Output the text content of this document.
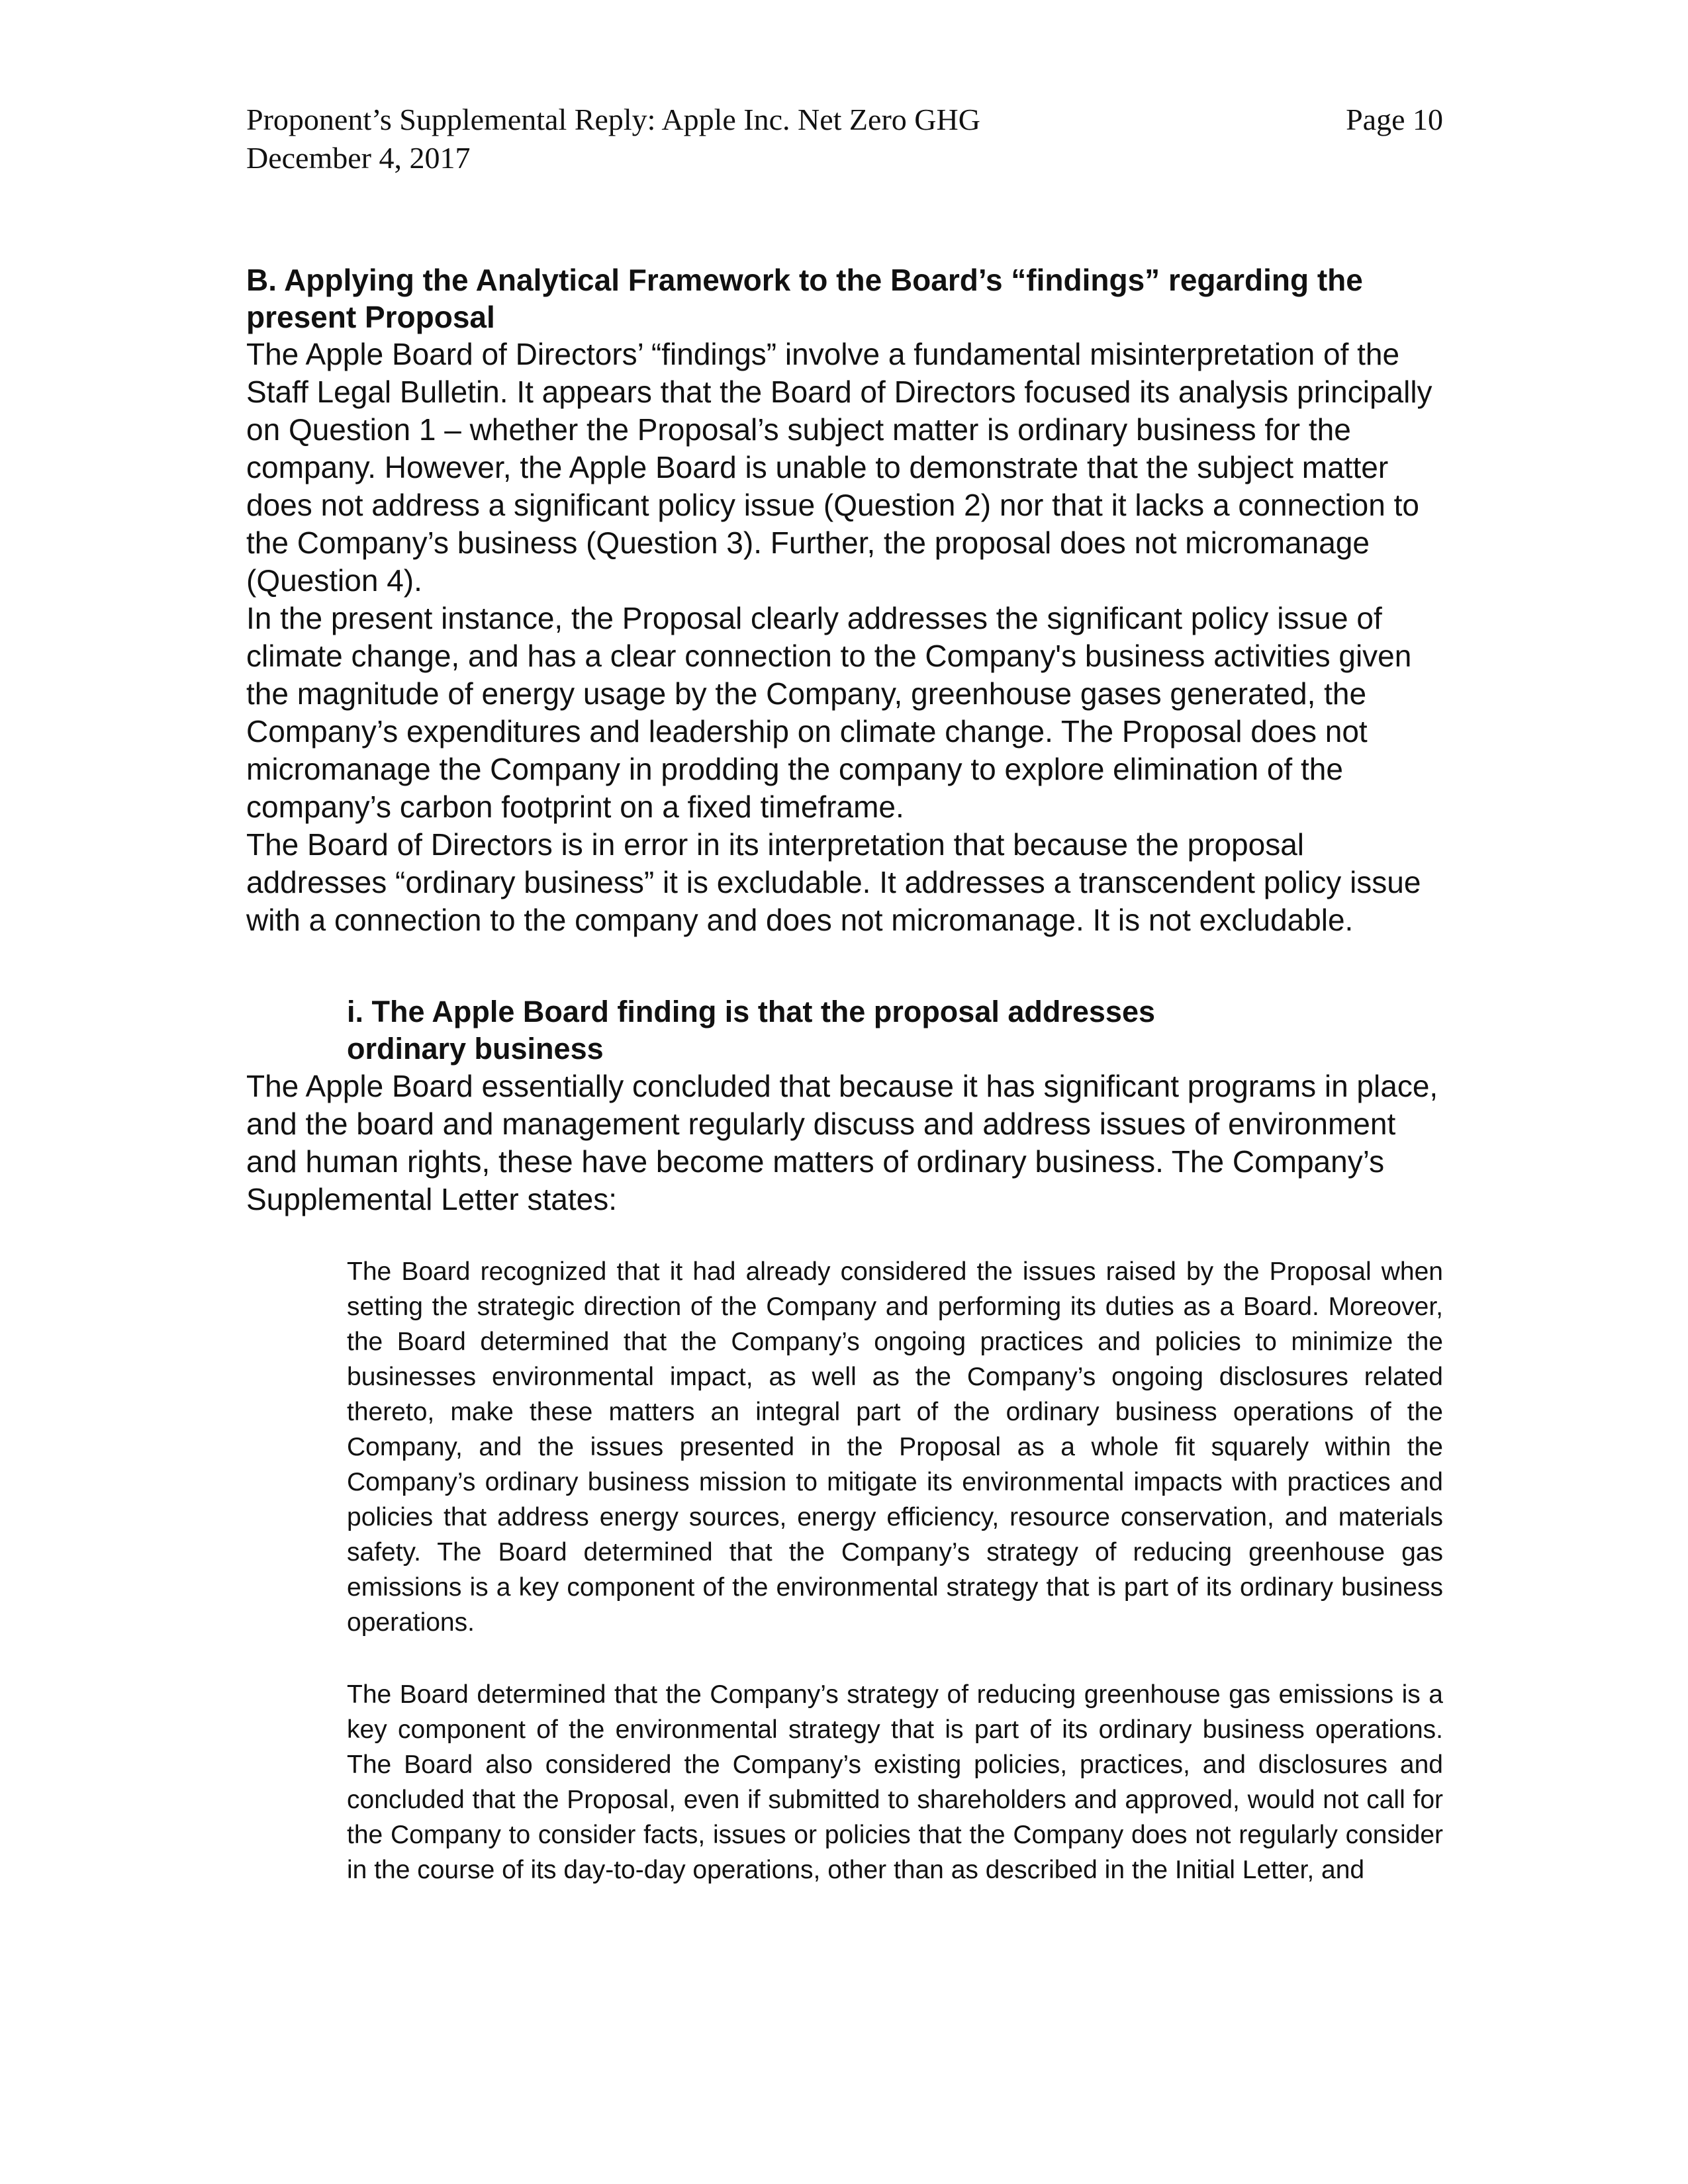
Proponent’s Supplemental Reply: Apple Inc. Net Zero GHG	Page 10
December 4, 2017
B. Applying the Analytical Framework to the Board’s “findings” regarding the present Proposal

The Apple Board of Directors’ “findings” involve a fundamental misinterpretation of the Staff Legal Bulletin. It appears that the Board of Directors focused its analysis principally on Question 1 – whether the Proposal’s subject matter is ordinary business for the company. However, the Apple Board is unable to demonstrate that the subject matter does not address a significant policy issue (Question 2) nor that it lacks a connection to the Company’s business (Question 3). Further, the proposal does not micromanage (Question 4).

In the present instance, the Proposal clearly addresses the significant policy issue of climate change, and has a clear connection to the Company's business activities given the magnitude of energy usage by the Company, greenhouse gases generated, the Company’s expenditures and leadership on climate change. The Proposal does not micromanage the Company in prodding the company to explore elimination of the company’s carbon footprint on a fixed timeframe.

The Board of Directors is in error in its interpretation that because the proposal addresses “ordinary business” it is excludable. It addresses a transcendent policy issue with a connection to the company and does not micromanage. It is not excludable.

i. The Apple Board finding is that the proposal addresses ordinary business

The Apple Board essentially concluded that because it has significant programs in place, and the board and management regularly discuss and address issues of environment and human rights, these have become matters of ordinary business. The Company’s Supplemental Letter states:

The Board recognized that it had already considered the issues raised by the Proposal when setting the strategic direction of the Company and performing its duties as a Board. Moreover, the Board determined that the Company’s ongoing practices and policies to minimize the businesses environmental impact, as well as the Company’s ongoing disclosures related thereto, make these matters an integral part of the ordinary business operations of the Company, and the issues presented in the Proposal as a whole fit squarely within the Company’s ordinary business mission to mitigate its environmental impacts with practices and policies that address energy sources, energy efficiency, resource conservation, and materials safety. The Board determined that the Company’s strategy of reducing greenhouse gas emissions is a key component of the environmental strategy that is part of its ordinary business operations.

The Board determined that the Company’s strategy of reducing greenhouse gas emissions is a key component of the environmental strategy that is part of its ordinary business operations. The Board also considered the Company’s existing policies, practices, and disclosures and concluded that the Proposal, even if submitted to shareholders and approved, would not call for the Company to consider facts, issues or policies that the Company does not regularly consider in the course of its day-to-day operations, other than as described in the Initial Letter, and
